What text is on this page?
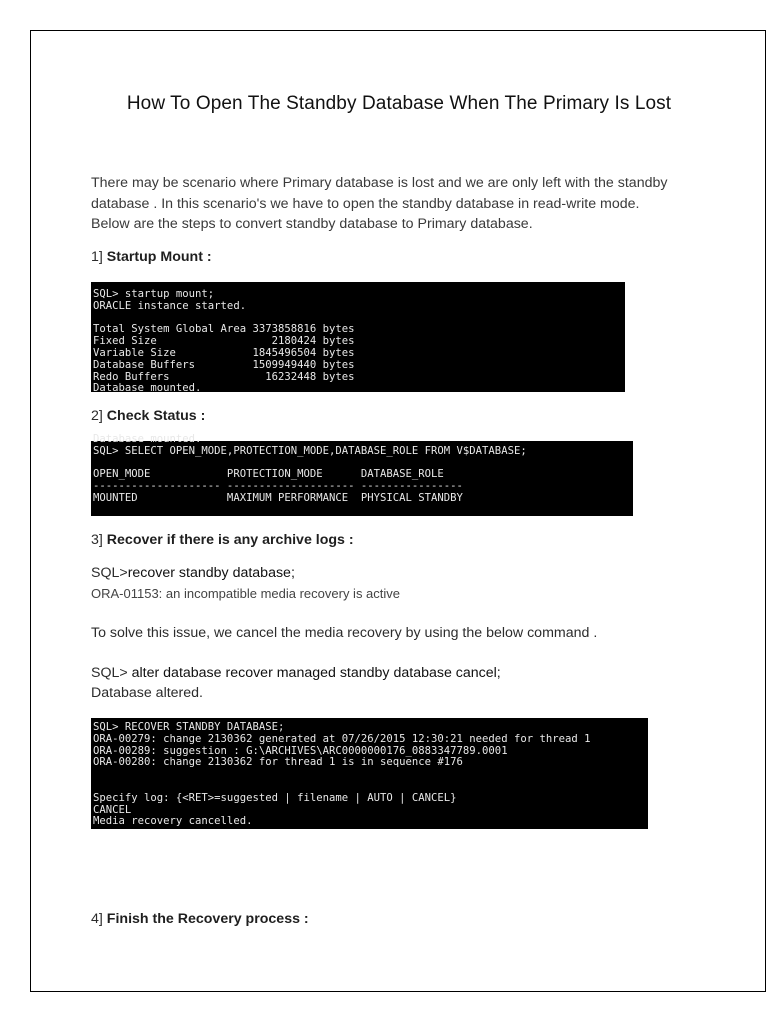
How To Open The Standby Database When The Primary Is Lost
There may be scenario where Primary database is lost and we are only left with the standby database . In this scenario's we have to open the standby database in read-write mode. Below are the steps to convert standby database to Primary database.
1] Startup Mount :
SQL> startup mount;
ORACLE instance started.
Total System Global Area 3373858816 bytes
Fixed Size                  2180424 bytes
Variable Size            1845496504 bytes
Database Buffers         1509949440 bytes
Redo Buffers               16232448 bytes
Database mounted.
2] Check Status :
Database mounted.
SQL> SELECT OPEN_MODE,PROTECTION_MODE,DATABASE_ROLE FROM V$DATABASE;
OPEN_MODE            PROTECTION_MODE      DATABASE_ROLE
-------------------- -------------------- ----------------
MOUNTED              MAXIMUM PERFORMANCE  PHYSICAL STANDBY
3] Recover if there is any archive logs :
SQL>recover standby database;
ORA-01153: an incompatible media recovery is active
To solve this issue, we cancel the media recovery by using the below command .
SQL> alter database recover managed standby database cancel;
Database altered.
SQL> RECOVER STANDBY DATABASE;
ORA-00279: change 2130362 generated at 07/26/2015 12:30:21 needed for thread 1
ORA-00289: suggestion : G:\ARCHIVES\ARC0000000176_0883347789.0001
ORA-00280: change 2130362 for thread 1 is in sequence #176
Specify log: {<RET>=suggested | filename | AUTO | CANCEL}
CANCEL
Media recovery cancelled.
4] Finish the Recovery process :
